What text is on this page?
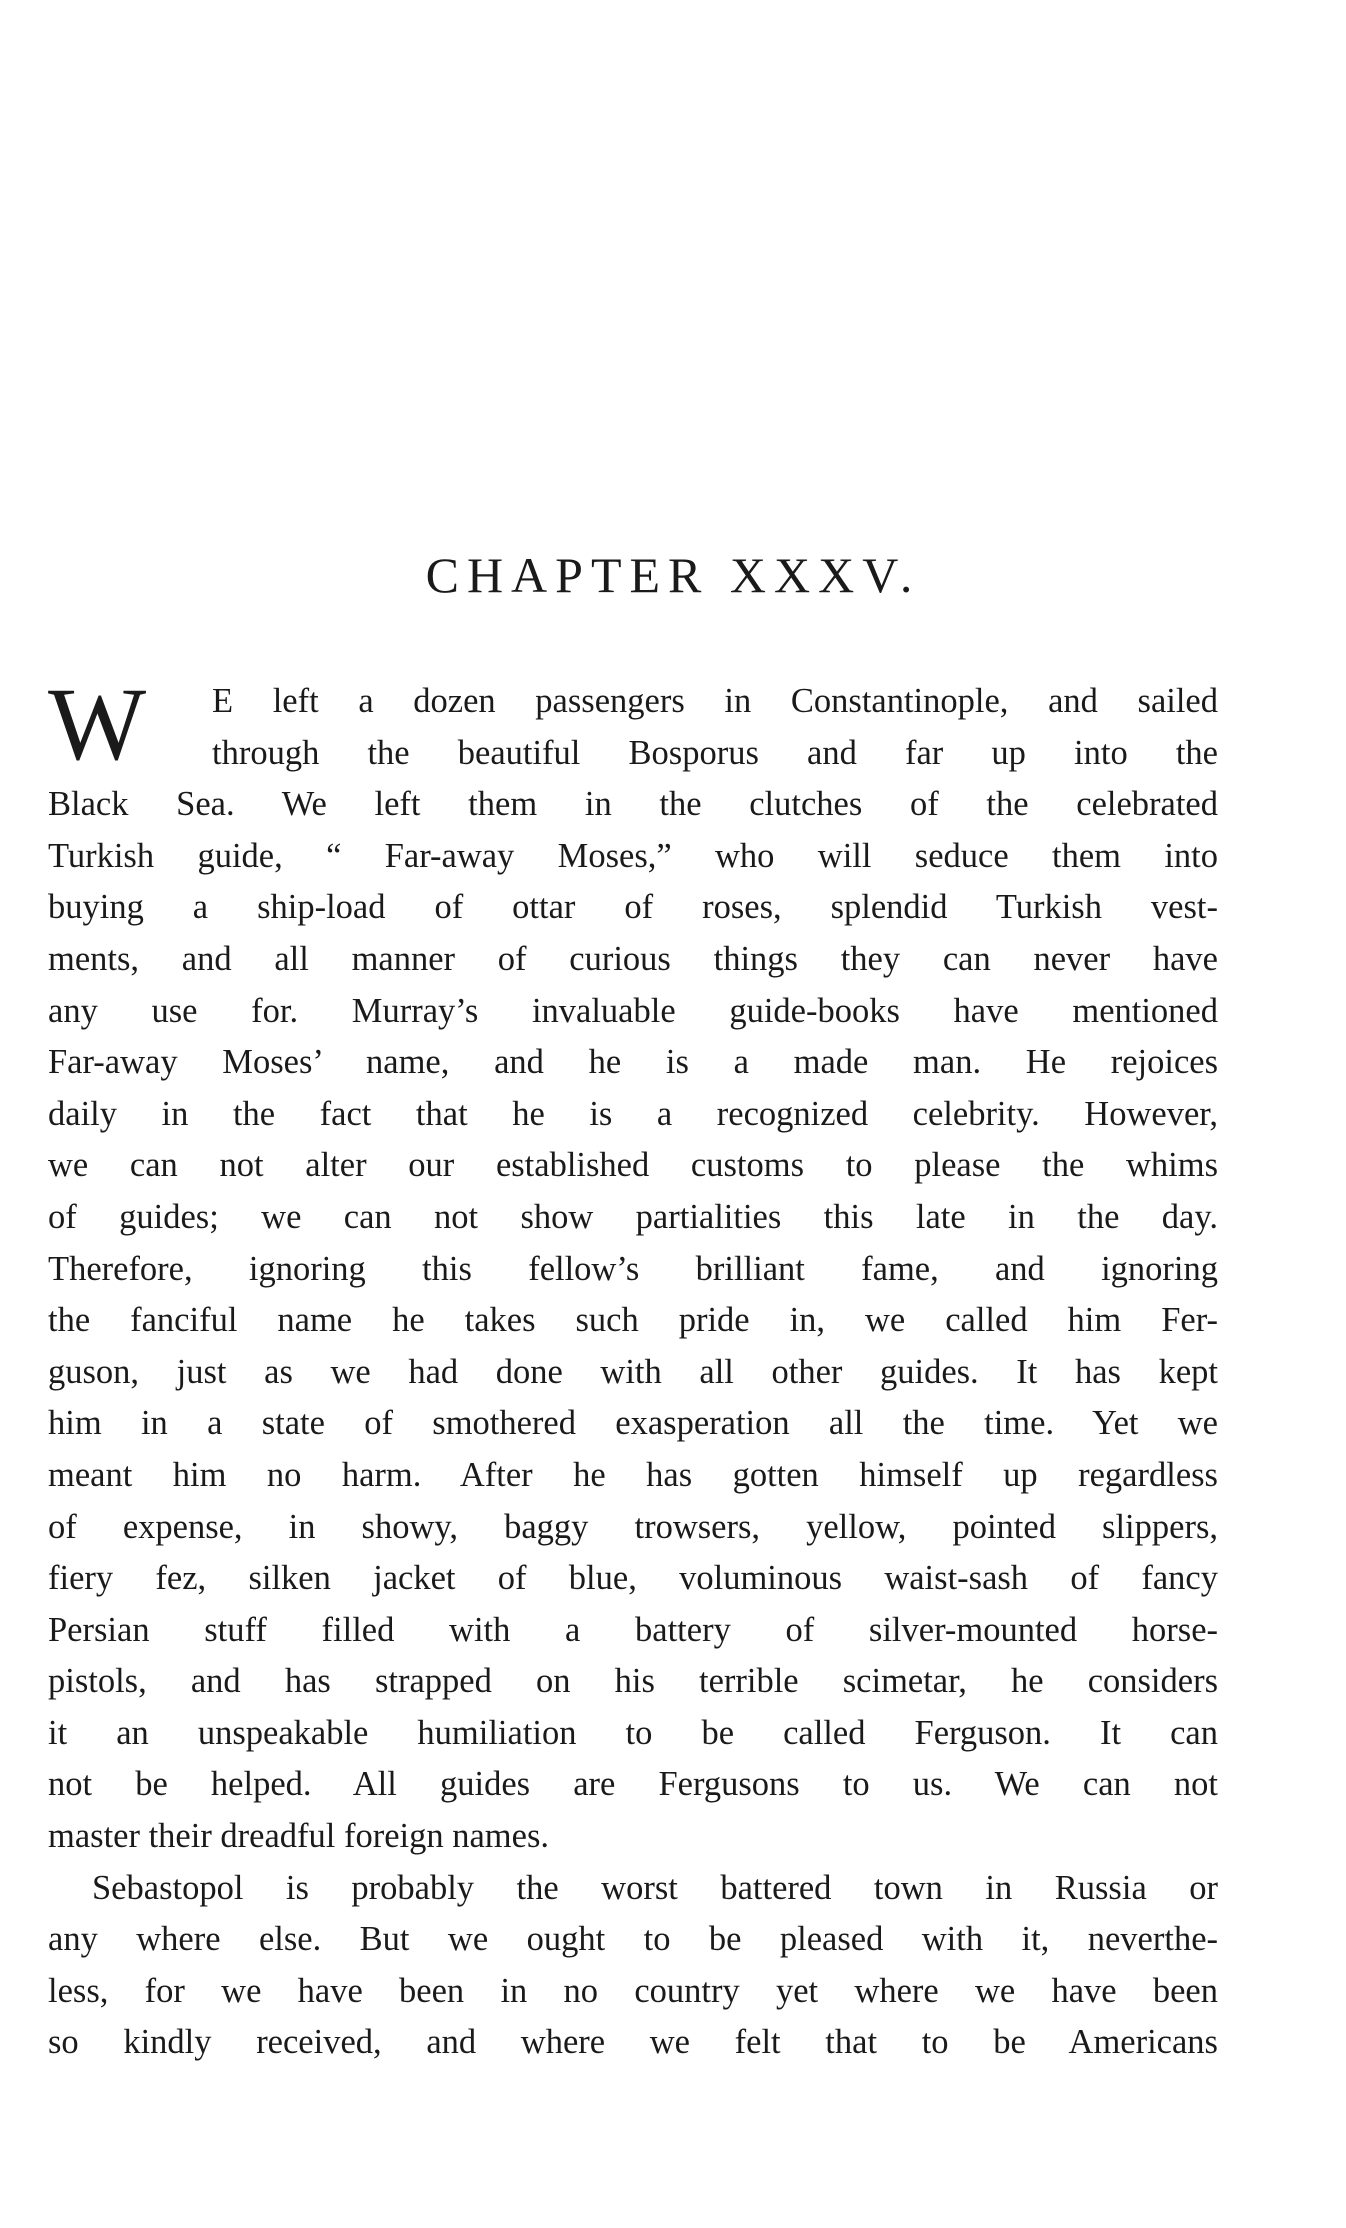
CHAPTER XXXV.
W	E left a dozen passengers in Constantinople, and sailed
through the beautiful Bosporus and far up into the
Black Sea. We left them in the clutches of the celebrated
Turkish guide, “ Far-away Moses,” who will seduce them into
buying a ship-load of ottar of roses, splendid Turkish vest-
ments, and all manner of curious things they can never have
any use for. Murray’s invaluable guide-books have mentioned
Far-away Moses’ name, and he is a made man. He rejoices
daily in the fact that he is a recognized celebrity. However,
we can not alter our established customs to please the whims
of guides; we can not show partialities this late in the day.
Therefore, ignoring this fellow’s brilliant fame, and ignoring
the fanciful name he takes such pride in, we called him Fer-
guson, just as we had done with all other guides. It has kept
him in a state of smothered exasperation all the time. Yet we
meant him no harm. After he has gotten himself up regardless
of expense, in showy, baggy trowsers, yellow, pointed slippers,
fiery fez, silken jacket of blue, voluminous waist-sash of fancy
Persian stuff filled with a battery of silver-mounted horse-
pistols, and has strapped on his terrible scimetar, he considers
it an unspeakable humiliation to be called Ferguson. It can
not be helped. All guides are Fergusons to us. We can not
master their dreadful foreign names.
Sebastopol is probably the worst battered town in Russia or
any where else. But we ought to be pleased with it, neverthe-
less, for we have been in no country yet where we have been
so kindly received, and where we felt that to be Americans
